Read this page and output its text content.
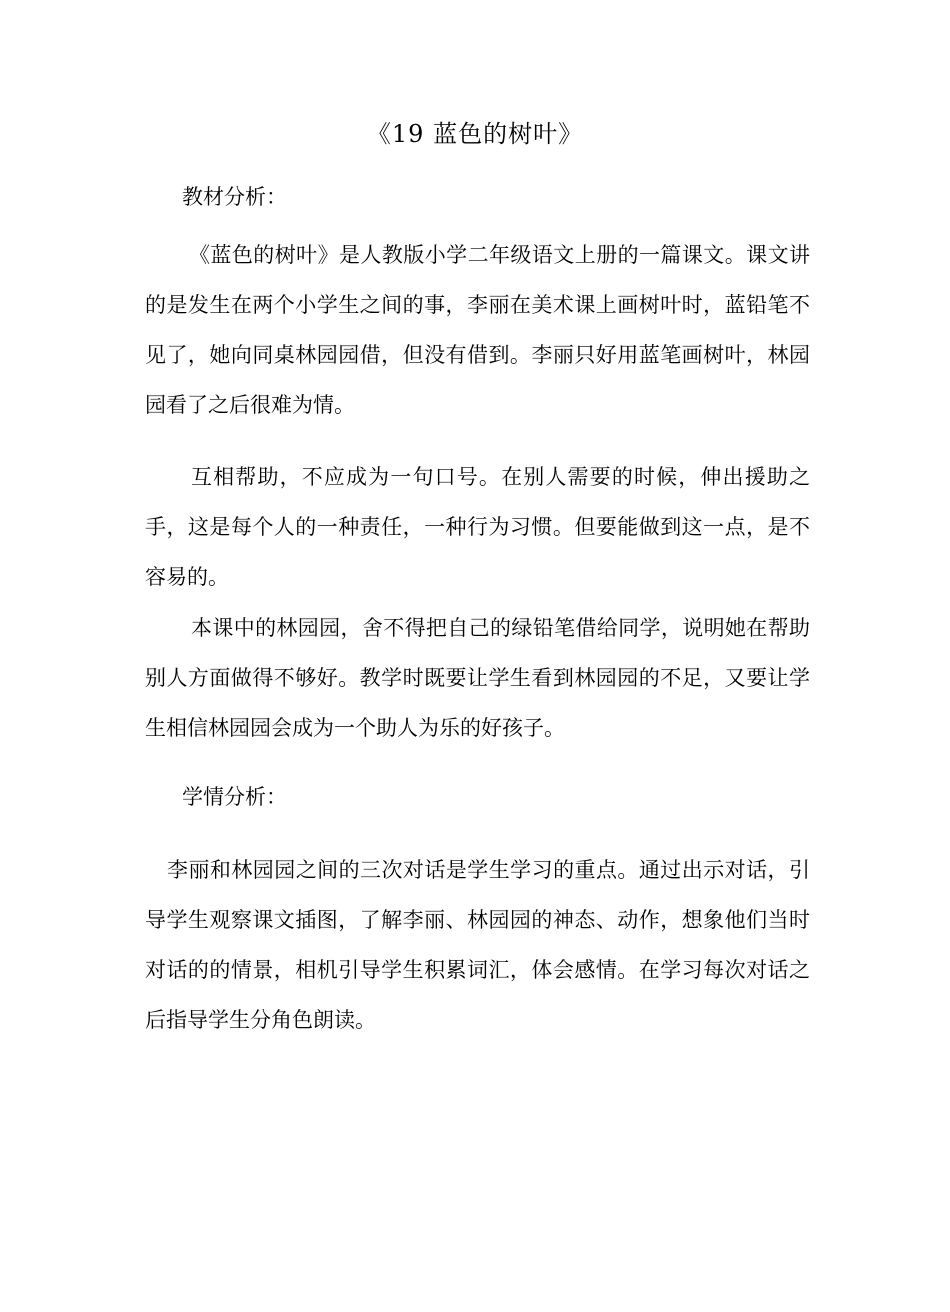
《19 蓝色的树叶》
教材分析：
《蓝色的树叶》是人教版小学二年级语文上册的一篇课文。课文讲的是发生在两个小学生之间的事，李丽在美术课上画树叶时，蓝铅笔不见了，她向同桌林园园借，但没有借到。李丽只好用蓝笔画树叶，林园园看了之后很难为情。
互相帮助，不应成为一句口号。在别人需要的时候，伸出援助之手，这是每个人的一种责任，一种行为习惯。但要能做到这一点，是不容易的。
本课中的林园园，舍不得把自己的绿铅笔借给同学，说明她在帮助别人方面做得不够好。教学时既要让学生看到林园园的不足，又要让学生相信林园园会成为一个助人为乐的好孩子。
学情分析：
李丽和林园园之间的三次对话是学生学习的重点。通过出示对话，引导学生观察课文插图，了解李丽、林园园的神态、动作，想象他们当时对话的的情景，相机引导学生积累词汇，体会感情。在学习每次对话之后指导学生分角色朗读。
